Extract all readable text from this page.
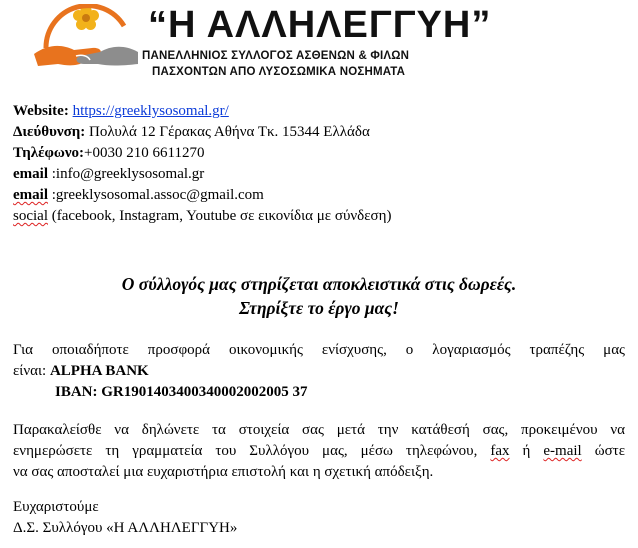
“Η ΑΛΛΗΛΕΓΓΥΗ”
ΠΑΝΕΛΛΗΝΙΟΣ ΣΥΛΛΟΓΟΣ ΑΣΘΕΝΩΝ & ΦΙΛΩΝ
ΠΑΣΧΟΝΤΩΝ ΑΠΟ ΛΥΣΟΣΩΜΙΚΑ ΝΟΣΗΜΑΤΑ
Website: https://greeklysosomal.gr/
Διεύθυνση: Πολυλά 12 Γέρακας Αθήνα Τκ. 15344 Ελλάδα
Τηλέφωνο:+0030 210 6611270
email :info@greeklysosomal.gr
email :greeklysosomal.assoc@gmail.com
social (facebook, Instagram, Youtube σε εικονίδια με σύνδεση)
Ο σύλλογός μας στηρίζεται αποκλειστικά στις δωρεές.
Στηρίξτε το έργο μας!
Για οποιαδήποτε προσφορά οικονομικής ενίσχυσης, ο λογαριασμός τραπέζης μας
είναι: ALPHA BANK
IBAN: GR1901403400340002002005 37
Παρακαλείσθε να δηλώνετε τα στοιχεία σας μετά την κατάθεσή σας, προκειμένου να
ενημερώσετε τη γραμματεία του Συλλόγου μας, μέσω τηλεφώνου, fax ή e-mail ώστε
να σας αποσταλεί μια ευχαριστήρια επιστολή και η σχετική απόδειξη.
Ευχαριστούμε
Δ.Σ. Συλλόγου «Η ΑΛΛΗΛΕΓΓΥΗ»
